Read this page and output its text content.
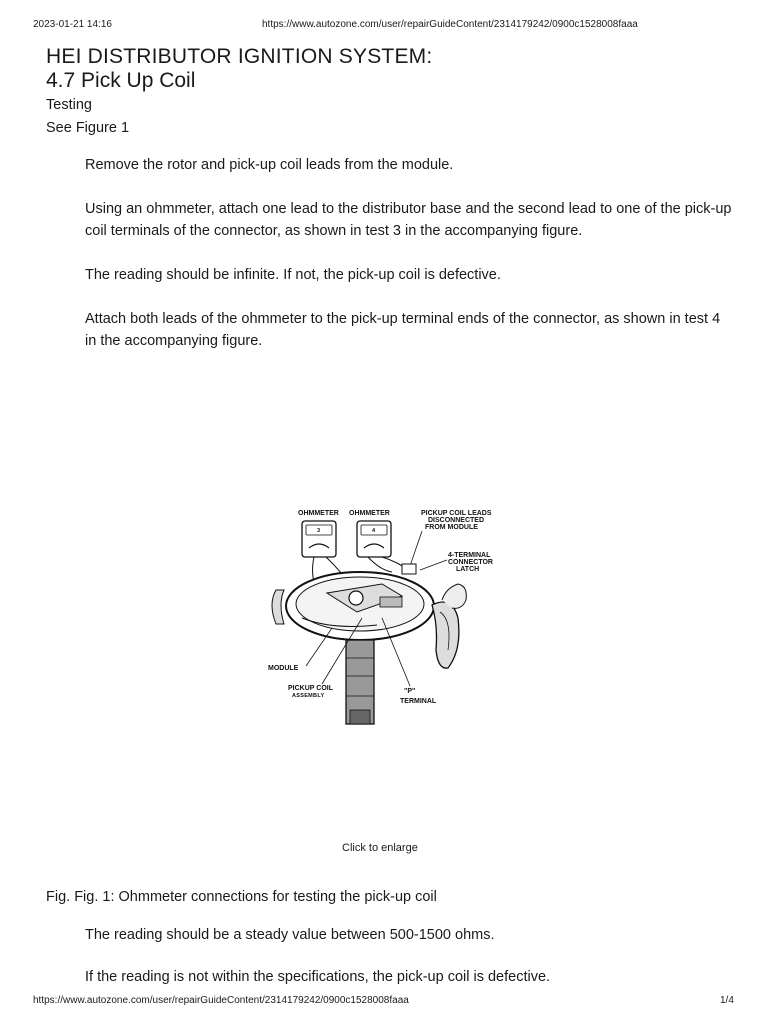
2023-01-21 14:16	https://www.autozone.com/user/repairGuideContent/2314179242/0900c1528008faaa
HEI DISTRIBUTOR IGNITION SYSTEM:
4.7 Pick Up Coil
Testing
See Figure 1

Remove the rotor and pick-up coil leads from the module.

Using an ohmmeter, attach one lead to the distributor base and the second lead to one of the pick-up coil terminals of the connector, as shown in test 3 in the accompanying figure.

The reading should be infinite. If not, the pick-up coil is defective.

Attach both leads of the ohmmeter to the pick-up terminal ends of the connector, as shown in test 4 in the accompanying figure.

3	4
OHMMETER OHMMETER	PICKUP COIL LEADS
DISCONNECTED
FROM MODULE
4-TERMINAL
CONNECTOR
LATCH
MODULE
PICKUP COIL
ASSEMBLY
"P"
TERMINAL
Click to enlarge
Fig. Fig. 1: Ohmmeter connections for testing the pick-up coil

The reading should be a steady value between 500-1500 ohms.

If the reading is not within the specifications, the pick-up coil is defective.

https://www.autozone.com/user/repairGuideContent/2314179242/0900c1528008faaa	1/4
